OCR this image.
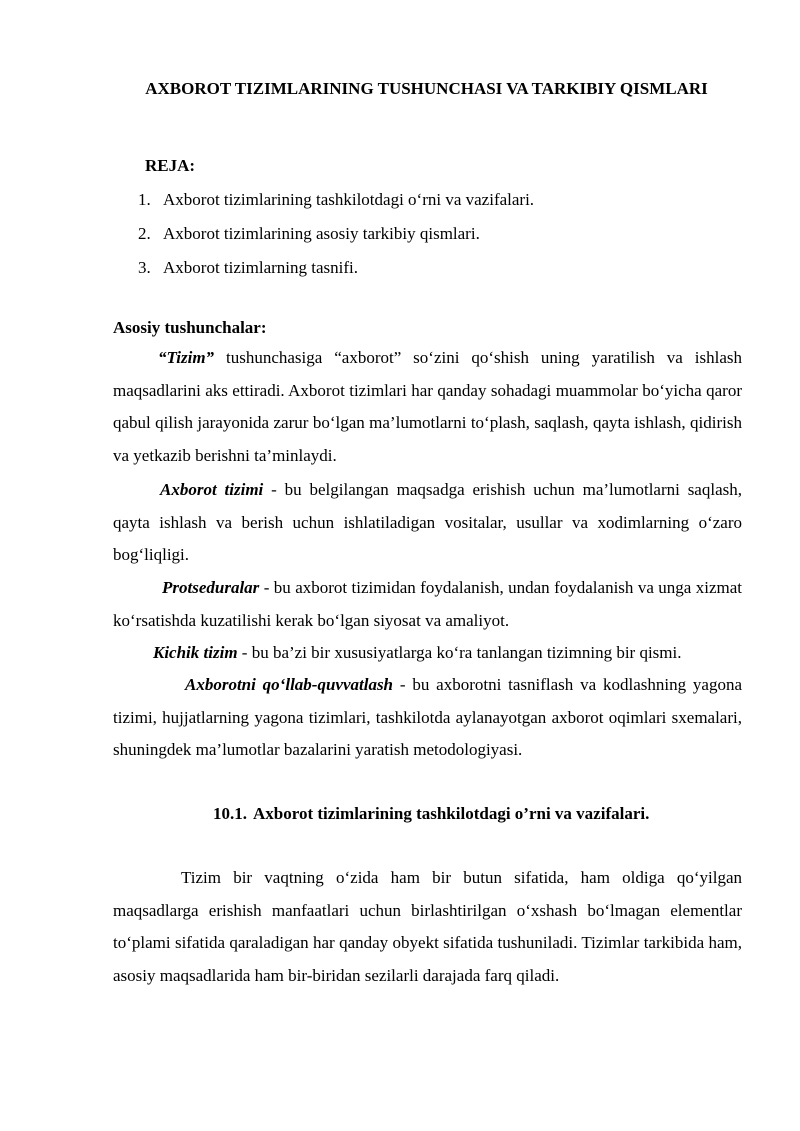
AXBOROT TIZIMLARINING TUSHUNCHASI VA TARKIBIY QISMLARI
REJA:
1. Axborot tizimlarining tashkilotdagi o‘rni va vazifalari.
2. Axborot tizimlarining asosiy tarkibiy qismlari.
3. Axborot tizimlarning tasnifi.
Asosiy tushunchalar:

“Tizim” tushunchasiga “axborot” so‘zini qo‘shish uning yaratilish va ishlash maqsadlarini aks ettiradi. Axborot tizimlari har qanday sohadagi muammolar bo‘yicha qaror qabul qilish jarayonida zarur bo‘lgan ma’lumotlarni to‘plash, saqlash, qayta ishlash, qidirish va yetkazib berishni ta’minlaydi.

Axborot tizimi - bu belgilangan maqsadga erishish uchun ma’lumotlarni saqlash, qayta ishlash va berish uchun ishlatiladigan vositalar, usullar va xodimlarning o‘zaro bog‘liqligi.

Protseduralar - bu axborot tizimidan foydalanish, undan foydalanish va unga xizmat ko‘rsatishda kuzatilishi kerak bo‘lgan siyosat va amaliyot.

Kichik tizim - bu ba’zi bir xususiyatlarga ko‘ra tanlangan tizimning bir qismi.

Axborotni qo‘llab-quvvatlash - bu axborotni tasniflash va kodlashning yagona tizimi, hujjatlarning yagona tizimlari, tashkilotda aylanayotgan axborot oqimlari sxemalari, shuningdek ma’lumotlar bazalarini yaratish metodologiyasi.

10.1. Axborot tizimlarining tashkilotdagi o’rni va vazifalari.

Tizim bir vaqtning o‘zida ham bir butun sifatida, ham oldiga qo‘yilgan maqsadlarga erishish manfaatlari uchun birlashtirilgan o‘xshash bo‘lmagan elementlar to‘plami sifatida qaraladigan har qanday obyekt sifatida tushuniladi. Tizimlar tarkibida ham, asosiy maqsadlarida ham bir-biridan sezilarli darajada farq qiladi.
